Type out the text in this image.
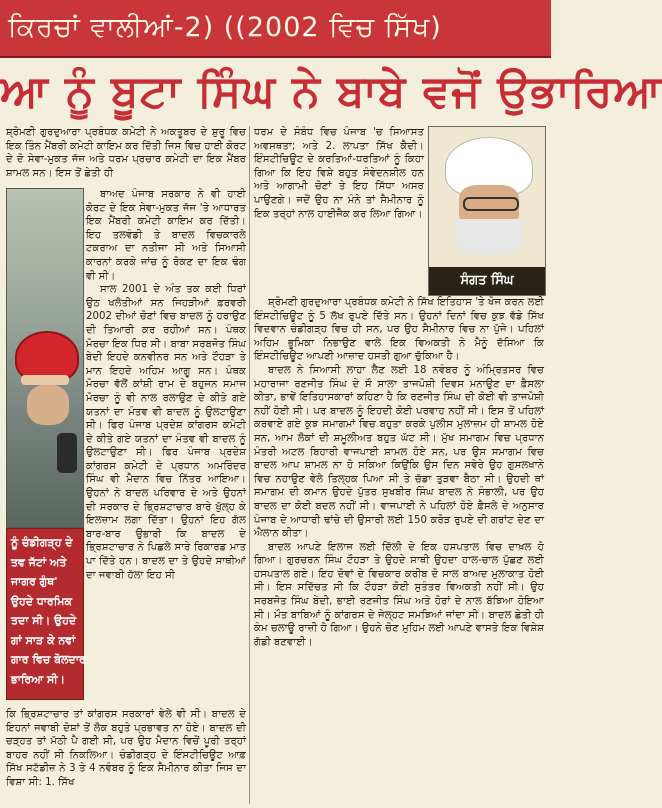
ਕਿਰਚਾਂ ਵਾਲੀਆਂ-2) ((2002 ਵਿਚ ਸਿੱਖ)
ਆ ਨੂੰ ਬੂਟਾ ਸਿੰਘ ਨੇ ਬਾਬੇ ਵਜੋਂ ਉਭਾਰਿਆ
ਸ਼੍ਰੋਮਣੀ ਗੁਰਦੁਆਰਾ ਪ੍ਰਬੰਧਕ ਕਮੇਟੀ ਨੇ ਅਕਤੂਬਰ ਦੇ ਸ਼ੁਰੂ ਵਿਚ ਇਕ ਤਿੰਨ ਮੈਂਬਰੀ ਕਮੇਟੀ ਕਾਇਮ ਕਰ ਦਿੱਤੀ ਜਿਸ ਵਿਚ ਹਾਈ ਕੋਰਟ ਦੇ ਦੋ ਸੇਵਾ-ਮੁਕਤ ਜੱਜ ਅਤੇ ਧਰਮ ਪ੍ਰਚਾਰ ਕਮੇਟੀ ਦਾ ਇਕ ਮੈਂਬਰ ਸ਼ਾਮਲ ਸਨ। ਇਸ ਤੋਂ ਛੇਤੀ ਹੀ

ਬਾਅਦ ਪੰਜਾਬ ਸਰਕਾਰ ਨੇ ਵੀ ਹਾਈ ਕੋਰਟ ਦੇ ਇਕ ਸੇਵਾ-ਮੁਕਤ ਜੱਜ 'ਤੇ ਆਧਾਰਤ ਇਕ ਮੈਂਬਰੀ ਕਮੇਟੀ ਕਾਇਮ ਕਰ ਦਿੱਤੀ। ਇਹ ਤਲਵੰਡੀ ਤੇ ਬਾਦਲ ਵਿਚਕਾਰਲੇ ਟਕਰਾਅ ਦਾ ਨਤੀਜਾ ਸੀ ਅਤੇ ਸਿਆਸੀ ਕਾਰਨਾਂ ਕਰਕੇ ਜਾਂਚ ਨੂੰ ਰੋਕਣ ਦਾ ਇਕ ਢੰਗ ਵੀ ਸੀ।

ਸਾਲ 2001 ਦੇ ਅੰਤ ਤਕ ਕਈ ਧਿਰਾਂ ਉਠ ਖਲੋਤੀਆਂ ਸਨ ਜਿਹੜੀਆਂ ਫ਼ਰਵਰੀ 2002 ਦੀਆਂ ਚੋਣਾਂ ਵਿਚ ਬਾਦਲ ਨੂੰ ਹਰਾਉਣ ਦੀ ਤਿਆਰੀ ਕਰ ਰਹੀਆਂ ਸਨ। ਪੰਥਕ ਮੋਰਚਾ ਇਕ ਧਿਰ ਸੀ। ਬਾਬਾ ਸਰਬਜੋਤ ਸਿੰਘ ਬੇਦੀ ਇਹਦੇ ਕਨਵੀਨਰ ਸਨ ਅਤੇ ਟੌਹੜਾ ਤੇ ਮਾਨ ਇਹਦੇ ਅਹਿਮ ਆਗੂ ਸਨ। ਪੰਥਕ ਮੋਰਚਾ ਵੱਲੋਂ ਕਾਂਸ਼ੀ ਰਾਮ ਦੇ ਬਹੁਜਨ ਸਮਾਜ ਮੋਰਚਾ ਨੂੰ ਵੀ ਨਾਲ ਰਲਾਉਣ ਦੇ ਕੀਤੇ ਗਏ ਯਤਨਾਂ ਦਾ ਮੰਤਵ ਵੀ ਬਾਦਲ ਨੂੰ ਉਲਟਾਉਣਾ ਸੀ। ਫਿਰ ਪੰਜਾਬ ਪ੍ਰਦੇਸ਼ ਕਾਂਗਰਸ ਕਮੇਟੀ ਦੇ ਕੀਤੇ ਗਏ ਯਤਨਾਂ ਦਾ ਮੰਤਵ ਵੀ ਬਾਦਲ ਨੂੰ ਉਲਟਾਉਣਾ ਸੀ। ਫਿਰ ਪੰਜਾਬ ਪ੍ਰਦੇਸ਼ ਕਾਂਗਰਸ ਕਮੇਟੀ ਦੇ ਪ੍ਰਧਾਨ ਅਮਰਿੰਦਰ ਸਿੰਘ ਵੀ ਮੈਦਾਨ ਵਿਚ ਨਿੱਤਰ ਆਇਆ। ਉਹਨਾਂ ਨੇ ਬਾਦਲ ਪਰਿਵਾਰ ਦੇ ਅਤੇ ਉਹਨਾਂ ਦੀ ਸਰਕਾਰ ਦੇ ਭ੍ਰਿਸ਼ਟਾਚਾਰ ਬਾਰੇ ਖੁੱਲ੍ਹ ਕੇ ਇਲਜ਼ਾਮ ਲਗਾ ਦਿੱਤਾ। ਉਹਨਾਂ ਇਹ ਗੱਲ ਬਾਰ-ਬਾਰ ਉਭਾਰੀ ਕਿ ਬਾਦਲ ਦੇ ਭ੍ਰਿਸ਼ਟਾਚਾਰ ਨੇ ਪਿਛਲੇ ਸਾਰੇ ਰਿਕਾਰਡ ਮਾਤ ਪਾ ਦਿੱਤੇ ਹਨ। ਬਾਦਲ ਦਾ ਤੇ ਉਹਦੇ ਸਾਥੀਆਂ ਦਾ ਜਵਾਬੀ ਹੱਲਾ ਇਹ ਸੀ

ਨੂੰ ਚੰਡੀਗੜ੍ਹ ਦੇ
ਤਵ ਜੱਟਾਂ ਅਤੇ
ਜਾਗਰ ਗੁੰਥ'
ਉਹਦੇ ਧਾਰਮਿਕ
ਤਦਾ ਸੀ। ਉਹਦੇ
ਗਾਂ ਸਾੜ ਕੇ ਨਵਾਂ
ਗਾਰ ਵਿਚ ਬੋਲਦਾਰ
ਭਾਰਿਆ ਸੀ।
ਕਿ ਭ੍ਰਿਸ਼ਟਾਚਾਰ ਤਾਂ ਕਾਂਗਰਸ ਸਰਕਾਰਾਂ ਵੇਲੇ ਵੀ ਸੀ। ਬਾਦਲ ਦੇ ਇਹਨਾਂ ਜਵਾਬੀ ਦੋਸ਼ਾਂ ਤੋਂ ਲੋਕ ਬਹੁਤੇ ਪ੍ਰਭਾਵਤ ਨਾ ਹੋਏ। ਬਾਦਲ ਦੀ ਚੜ੍ਹਤ ਤਾਂ ਮੱਠੀ ਪੈ ਗਈ ਸੀ, ਪਰ ਉਹ ਮੈਦਾਨ ਵਿਚੋਂ ਪੂਰੀ ਤਰ੍ਹਾਂ ਬਾਹਰ ਨਹੀਂ ਸੀ ਨਿਕਲਿਆ। ਚੰਡੀਗੜ੍ਹ ਦੇ ਇੰਸਟੀਚਿਊਟ ਆਫ਼ ਸਿੱਖ ਸਟੱਡੀਜ਼ ਨੇ 3 ਤੇ 4 ਨਵੰਬਰ ਨੂੰ ਇਕ ਸੈਮੀਨਾਰ ਕੀਤਾ ਜਿਸ ਦਾ ਵਿਸ਼ਾ ਸੀ: 1. ਸਿੱਖ
ਧਰਮ ਦੇ ਸੰਬੰਧ ਵਿਚ ਪੰਜਾਬ 'ਚ ਸਿਆਸਤ ਅਵਸਥਤਾ; ਅਤੇ 2. ਲਾਪਤਾ ਸਿੱਖ ਕੈਦੀ। ਇੰਸਟੀਚਿਊਟ ਦੇ ਕਰਤਿਆਂ-ਧਰਤਿਆਂ ਨੂੰ ਕਿਹਾ ਗਿਆ ਕਿ ਇਹ ਵਿਸ਼ੇ ਬਹੁਤ ਸੰਵੇਦਨਸ਼ੀਲ ਹਨ ਅਤੇ ਆਗਾਮੀ ਚੋਣਾਂ ਤੇ ਇਹ ਸਿੱਧਾ ਅਸਰ ਪਾਉਣਗੇ। ਜਦੋਂ ਉਹ ਨਾ ਮੰਨੇ ਤਾਂ ਸੈਮੀਨਾਰ ਨੂੰ ਇਕ ਤਰ੍ਹਾਂ ਨਾਲ ਹਾਈਜੈਕ ਕਰ ਲਿਆ ਗਿਆ।
ਸੰਗਤ ਸਿੰਘ

ਸ਼੍ਰੋਮਣੀ ਗੁਰਦੁਆਰਾ ਪ੍ਰਬੰਧਕ ਕਮੇਟੀ ਨੇ ਸਿੱਖ ਇਤਿਹਾਸ 'ਤੇ ਖੋਜ ਕਰਨ ਲਈ ਇੰਸਟੀਚਿਊਟ ਨੂੰ 5 ਲੱਖ ਰੁਪਏ ਦਿੱਤੇ ਸਨ। ਉਹਨਾਂ ਦਿਨਾਂ ਵਿਚ ਕੁਝ ਵੱਡੇ ਸਿੱਖ ਵਿਦਵਾਨ ਚੰਡੀਗੜ੍ਹ ਵਿਚ ਹੀ ਸਨ, ਪਰ ਉਹ ਸੈਮੀਨਾਰ ਵਿਚ ਨਾ ਪੁੱਜੇ। ਪਹਿਲਾਂ ਅਹਿਮ ਭੂਮਿਕਾ ਨਿਭਾਉਣ ਵਾਲੇ ਇਕ ਵਿਅਕਤੀ ਨੇ ਮੈਨੂੰ ਦੱਸਿਆ ਕਿ ਇੰਸਟੀਚਿਊਟ ਆਪਣੀ ਆਜ਼ਾਦ ਹਸਤੀ ਗੁਆ ਚੁੱਕਿਆ ਹੈ।

ਬਾਦਲ ਨੇ ਸਿਆਸੀ ਲਾਹਾ ਲੈਣ ਲਈ 18 ਨਵੰਬਰ ਨੂੰ ਅੰਮ੍ਰਿਤਸਰ ਵਿਚ ਮਹਾਰਾਜਾ ਰਣਜੀਤ ਸਿੰਘ ਦੇ ਸੌ ਸਾਲਾ ਤਾਜਪੋਸ਼ੀ ਦਿਵਸ ਮਨਾਉਣ ਦਾ ਫ਼ੈਸਲਾ ਕੀਤਾ, ਭਾਵੇਂ ਇਤਿਹਾਸਕਾਰਾਂ ਕਹਿਣਾ ਹੈ ਕਿ ਰਣਜੀਤ ਸਿੰਘ ਦੀ ਕੋਈ ਵੀ ਤਾਜਪੋਸ਼ੀ ਨਹੀਂ ਹੋਈ ਸੀ। ਪਰ ਬਾਦਲ ਨੂੰ ਇਹਦੀ ਕੋਈ ਪਰਵਾਹ ਨਹੀਂ ਸੀ। ਇਸ ਤੋਂ ਪਹਿਲਾਂ ਕਰਵਾਏ ਗਏ ਕੁਝ ਸਮਾਗਮਾਂ ਵਿਚ ਬਹੁਤਾ ਕਰਕੇ ਪੁਲੀਸ ਮੁਲਾਜ਼ਮ ਹੀ ਸ਼ਾਮਲ ਹੋਏ ਸਨ, ਆਮ ਲੋਕਾਂ ਦੀ ਸ਼ਮੂਲੀਅਤ ਬਹੁਤ ਘੱਟ ਸੀ। ਮੁੱਖ ਸਮਾਗਮ ਵਿਚ ਪ੍ਰਧਾਨ ਮੰਤਰੀ ਅਟਲ ਬਿਹਾਰੀ ਵਾਜਪਾਈ ਸ਼ਾਮਲ ਹੋਏ ਸਨ, ਪਰ ਉਸ ਸਮਾਗਮ ਵਿਚ ਬਾਦਲ ਆਪ ਸ਼ਾਮਲ ਨਾ ਹੋ ਸਕਿਆ ਕਿਉਂਕਿ ਉਸ ਦਿਨ ਸਵੇਰੇ ਉਹ ਗੁਸਲਖਾਨੇ ਵਿਚ ਨਹਾਉਣ ਵੇਲੇ ਤਿਲ੍ਹਕ ਪਿਆ ਸੀ ਤੇ ਚੱਡਾ ਤੁੜਵਾ ਬੈਠਾ ਸੀ। ਉਹਦੀ ਥਾਂ ਸਮਾਗਮ ਦੀ ਕਮਾਨ ਉਹਦੇ ਪੁੱਤਰ ਸੁਖਬੀਰ ਸਿੰਘ ਬਾਦਲ ਨੇ ਸੰਭਾਲੀ, ਪਰ ਉਹ ਬਾਦਲ ਦਾ ਕੋਈ ਬਦਲ ਨਹੀਂ ਸੀ। ਵਾਜਪਾਈ ਨੇ ਪਹਿਲਾਂ ਹੋਏ ਫ਼ੈਸਲੇ ਦੇ ਅਨੁਸਾਰ ਪੰਜਾਬ ਦੇ ਆਧਾਰੀ ਢਾਂਚੇ ਦੀ ਉਸਾਰੀ ਲਈ 150 ਕਰੋੜ ਰੁਪਏ ਦੀ ਗਰਾਂਟ ਦੇਣ ਦਾ ਐਲਾਨ ਕੀਤਾ।

ਬਾਦਲ ਆਪਣੇ ਇਲਾਜ ਲਈ ਦਿੱਲੀ ਦੇ ਇਕ ਹਸਪਤਾਲ ਵਿਚ ਦਾਖ਼ਲ ਹੋ ਗਿਆ। ਗੁਰਚਰਨ ਸਿੰਘ ਟੌਹੜਾ ਤੇ ਉਹਦੇ ਸਾਥੀ ਉਹਦਾ ਹਾਲ-ਚਾਲ ਪੁੱਛਣ ਲਈ ਹਸਪਤਾਲ ਗਏ। ਇਹ ਦੋਵਾਂ ਦੇ ਵਿਚਕਾਰ ਕਰੀਬ ਦੋ ਸਾਲ ਬਾਅਦ ਮੁਲਾਕਾਤ ਹੋਈ ਸੀ। ਇਸ ਸਦਿੱਚਤ ਸੀ ਕਿ ਟੌਹੜਾ ਕੋਈ ਸੁਤੰਤਰ ਵਿਅਕਤੀ ਨਹੀਂ ਸੀ। ਉਹ ਸਰਬਜੋਤ ਸਿੰਘ ਬੇਦੀ, ਭਾਈ ਰਣਜੀਤ ਸਿੰਘ ਅਤੇ ਹੋਰਾਂ ਦੇ ਨਾਲ ਬੱਝਿਆ ਹੋਇਆ ਸੀ। ਮੌਤ ਬਾਬਿਆਂ ਨੂੰ ਕਾਂਗਰਸ ਦੇ ਜੇਲ੍ਹਟ ਸਮਝਿਆਂ ਜਾਂਦਾ ਸੀ। ਬਾਦਲ ਛੇਤੀ ਹੀ ਕੰਮ ਚਲਾਊ ਰਾਜ਼ੀ ਹੋ ਗਿਆ। ਉਹਨੇ ਚੋਣ ਮੁਹਿਮ ਲਈ ਆਪਣੇ ਵਾਸਤੇ ਇਕ ਵਿਸ਼ੇਸ਼ ਗੱਡੀ ਬਣਵਾਈ।
